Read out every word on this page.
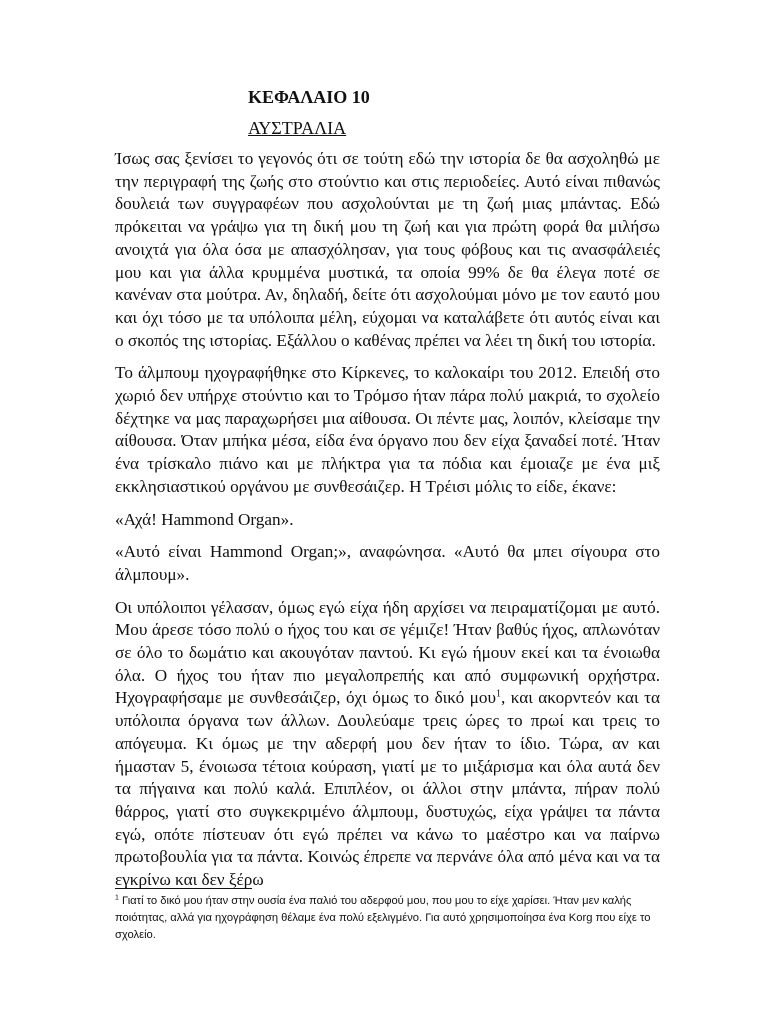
ΚΕΦΑΛΑΙΟ 10
ΑΥΣΤΡΑΛΙΑ

Ίσως σας ξενίσει το γεγονός ότι σε τούτη εδώ την ιστορία δε θα ασχοληθώ με την περιγραφή της ζωής στο στούντιο και στις περιοδείες. Αυτό είναι πιθανώς δουλειά των συγγραφέων που ασχολούνται με τη ζωή μιας μπάντας. Εδώ πρόκειται να γράψω για τη δική μου τη ζωή και για πρώτη φορά θα μιλήσω ανοιχτά για όλα όσα με απασχόλησαν, για τους φόβους και τις ανασφάλειές μου και για άλλα κρυμμένα μυστικά, τα οποία 99% δε θα έλεγα ποτέ σε κανέναν στα μούτρα. Αν, δηλαδή, δείτε ότι ασχολούμαι μόνο με τον εαυτό μου και όχι τόσο με τα υπόλοιπα μέλη, εύχομαι να καταλάβετε ότι αυτός είναι και ο σκοπός της ιστορίας. Εξάλλου ο καθένας πρέπει να λέει τη δική του ιστορία.

Το άλμπουμ ηχογραφήθηκε στο Κίρκενες, το καλοκαίρι του 2012. Επειδή στο χωριό δεν υπήρχε στούντιο και το Τρόμσο ήταν πάρα πολύ μακριά, το σχολείο δέχτηκε να μας παραχωρήσει μια αίθουσα. Οι πέντε μας, λοιπόν, κλείσαμε την αίθουσα. Όταν μπήκα μέσα, είδα ένα όργανο που δεν είχα ξαναδεί ποτέ. Ήταν ένα τρίσκαλο πιάνο και με πλήκτρα για τα πόδια και έμοιαζε με ένα μιξ εκκλησιαστικού οργάνου με συνθεσάιζερ. Η Τρέισι μόλις το είδε, έκανε:

«Αχά! Hammond Organ».

«Αυτό είναι Hammond Organ;», αναφώνησα. «Αυτό θα μπει σίγουρα στο άλμπουμ».

Οι υπόλοιποι γέλασαν, όμως εγώ είχα ήδη αρχίσει να πειραματίζομαι με αυτό. Μου άρεσε τόσο πολύ ο ήχος του και σε γέμιζε! Ήταν βαθύς ήχος, απλωνόταν σε όλο το δωμάτιο και ακουγόταν παντού. Κι εγώ ήμουν εκεί και τα ένοιωθα όλα. Ο ήχος του ήταν πιο μεγαλοπρεπής και από συμφωνική ορχήστρα. Ηχογραφήσαμε με συνθεσάιζερ, όχι όμως το δικό μου$^1$, και ακορντεόν και τα υπόλοιπα όργανα των άλλων. Δουλεύαμε τρεις ώρες το πρωί και τρεις το απόγευμα. Κι όμως με την αδερφή μου δεν ήταν το ίδιο. Τώρα, αν και ήμασταν 5, ένοιωσα τέτοια κούραση, γιατί με το μιξάρισμα και όλα αυτά δεν τα πήγαινα και πολύ καλά. Επιπλέον, οι άλλοι στην μπάντα, πήραν πολύ θάρρος, γιατί στο συγκεκριμένο άλμπουμ, δυστυχώς, είχα γράψει τα πάντα εγώ, οπότε πίστευαν ότι εγώ πρέπει να κάνω το μαέστρο και να παίρνω πρωτοβουλία για τα πάντα. Κοινώς έπρεπε να περνάνε όλα από μένα και να τα εγκρίνω και δεν ξέρω

$^1$ Γιατί το δικό μου ήταν στην ουσία ένα παλιό του αδερφού μου, που μου το είχε χαρίσει. Ήταν μεν καλής ποιότητας, αλλά για ηχογράφηση θέλαμε ένα πολύ εξελιγμένο. Για αυτό χρησιμοποίησα ένα Korg που είχε το σχολείο.
